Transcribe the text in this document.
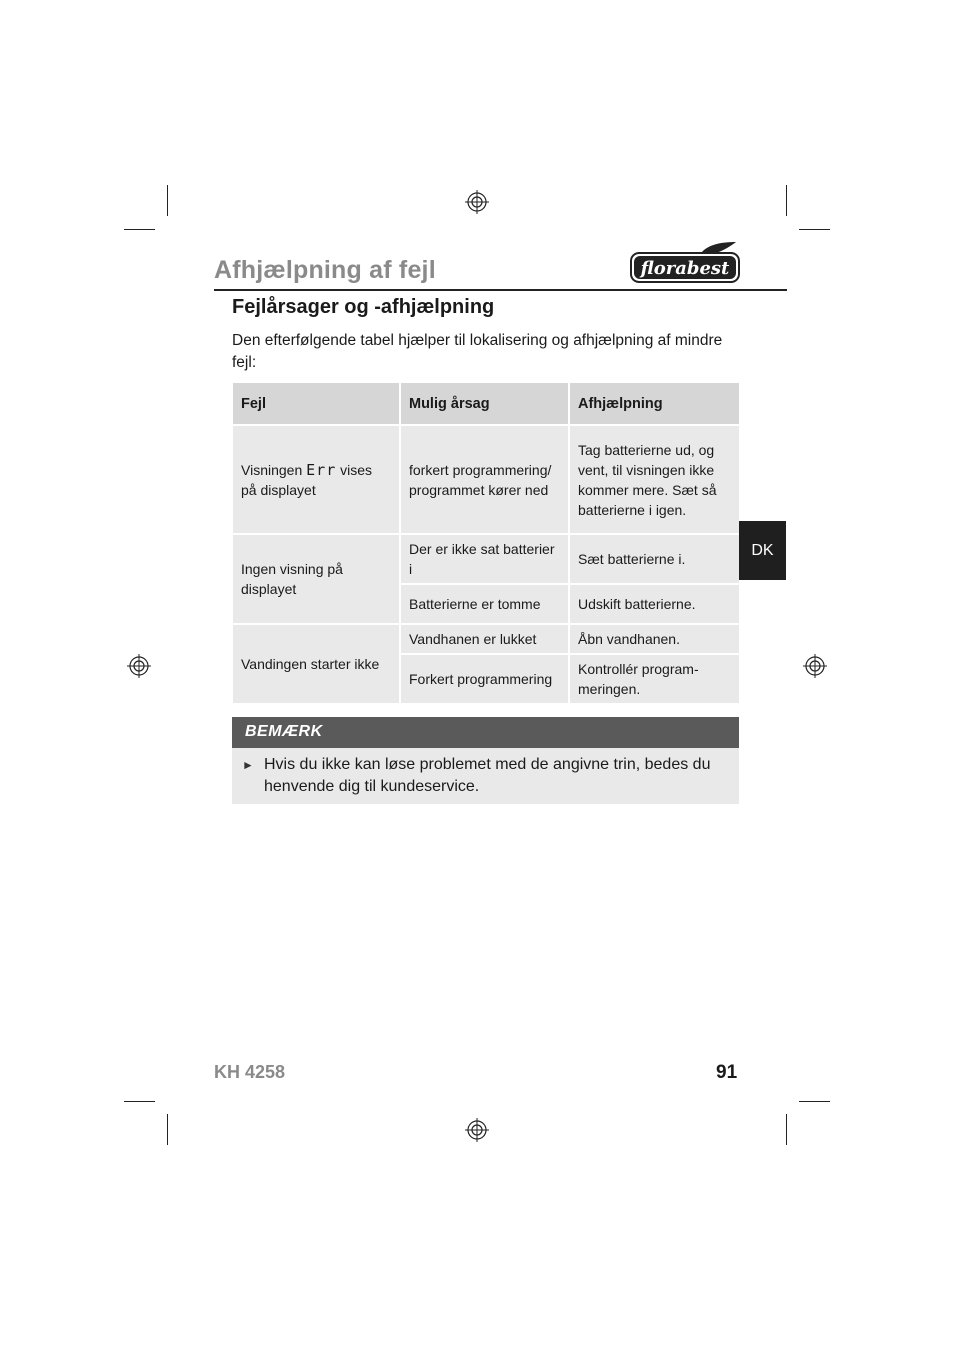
Afhjælpning af fejl	florabest
Fejlårsager og -afhjælpning
Den efterfølgende tabel hjælper til lokalisering og afhjælpning af mindre fejl:
Fejl	Mulig årsag	Afhjælpning
Visningen Err vises på displayet	forkert programmering/ programmet kører ned	Tag batterierne ud, og vent, til visningen ikke kommer mere. Sæt så batterierne i igen.
Ingen visning på displayet	Der er ikke sat batterier i	Sæt batterierne i.
	Batterierne er tomme	Udskift batterierne.
Vandingen starter ikke	Vandhanen er lukket	Åbn vandhanen.
	Forkert programmering	Kontrollér program-meringen.
BEMÆRK
► Hvis du ikke kan løse problemet med de angivne trin, bedes du henvende dig til kundeservice.
DK
KH 4258	91
